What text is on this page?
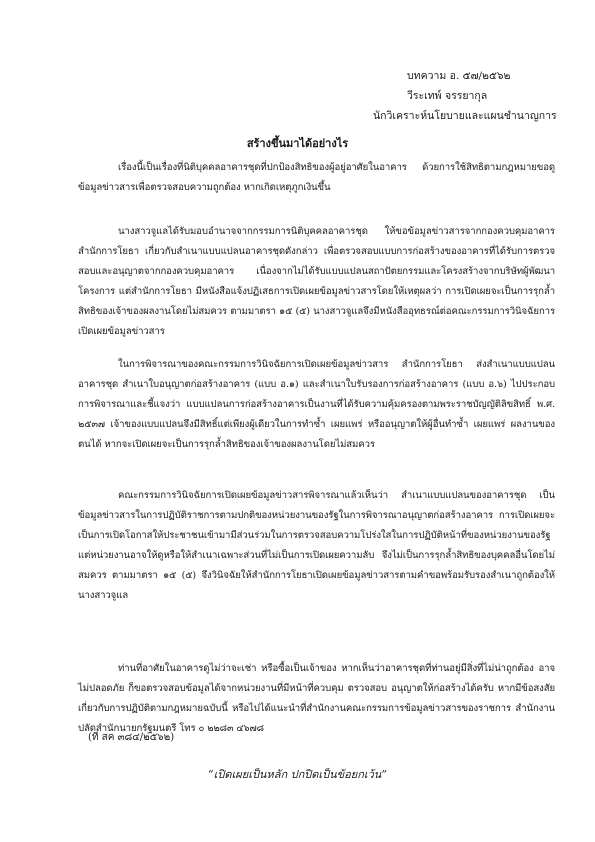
บทความ อ. ๕๗/๒๕๖๒
วีระเทพ์ จรรยากุล
นักวิเคราะห์นโยบายและแผนชำนาญการ
สร้างขึ้นมาได้อย่างไร
เรื่องนี้เป็นเรื่องที่นิติบุคคลอาคารชุดที่ปกป้องสิทธิของผู้อยู่อาศัยในอาคาร ด้วยการใช้สิทธิตามกฎหมายขอดูข้อมูลข่าวสารเพื่อตรวจสอบความถูกต้อง หากเกิดเหตุภูกเงินขึ้น
นางสาวจูแลได้รับมอบอำนาจจากกรรมการนิติบุคคลอาคารชุด ให้ขอข้อมูลข่าวสารจากกองควบคุมอาคาร สำนักการโยธา เกี่ยวกับสำเนาแบบแปลนอาคารชุดดังกล่าว เพื่อตรวจสอบแบบการก่อสร้างของอาคารที่ได้รับการตรวจสอบและอนุญาตจากกองควบคุมอาคาร เนื่องจากไม่ได้รับแบบแปลนสถาปัตยกรรมและโครงสร้างจากบริษัทผู้พัฒนาโครงการ แต่สำนักการโยธา มีหนังสือแจ้งปฏิเสธการเปิดเผยข้อมูลข่าวสารโดยให้เหตุผลว่า การเปิดเผยจะเป็นการรุกล้ำสิทธิของเจ้าของผลงานโดยไม่สมควร ตามมาตรา ๑๕ (๕) นางสาวจูแลจึงมีหนังสืออุทธรณ์ต่อคณะกรรมการวินิจฉัยการเปิดเผยข้อมูลข่าวสาร
ในการพิจารณาของคณะกรรมการวินิจฉัยการเปิดเผยข้อมูลข่าวสาร สำนักการโยธา ส่งสำเนาแบบแปลนอาคารชุด สำเนาใบอนุญาตก่อสร้างอาคาร (แบบ อ.๑) และสำเนาใบรับรองการก่อสร้างอาคาร (แบบ อ.๖) ไปประกอบการพิจารณาและชี้แจงว่า แบบแปลนการก่อสร้างอาคารเป็นงานที่ได้รับความคุ้มครองตามพระราชบัญญัติลิขสิทธิ์ พ.ศ. ๒๕๓๗ เจ้าของแบบแปลนจึงมีสิทธิ์แต่เพียงผู้เดียวในการทำซ้ำ เผยแพร่ หรืออนุญาตให้ผู้อื่นทำซ้ำ เผยแพร่ ผลงานของตนได้ หากจะเปิดเผยจะเป็นการรุกล้ำสิทธิของเจ้าของผลงานโดยไม่สมควร
คณะกรรมการวินิจฉัยการเปิดเผยข้อมูลข่าวสารพิจารณาแล้วเห็นว่า สำเนาแบบแปลนของอาคารชุด เป็นข้อมูลข่าวสารในการปฏิบัติราชการตามปกติของหน่วยงานของรัฐในการพิจารณาอนุญาตก่อสร้างอาคาร การเปิดเผยจะเป็นการเปิดโอกาสให้ประชาชนเข้ามามีส่วนร่วมในการตรวจสอบความโปร่งใสในการปฏิบัติหน้าที่ของหน่วยงานของรัฐ แต่หน่วยงานอาจให้ดูหรือให้สำเนาเฉพาะส่วนที่ไม่เป็นการเปิดเผยความลับ จึงไม่เป็นการรุกล้ำสิทธิของบุคคลอื่นโดยไม่สมควร ตามมาตรา ๑๕ (๕) จึงวินิจฉัยให้สำนักการโยธาเปิดเผยข้อมูลข่าวสารตามคำขอพร้อมรับรองสำเนาถูกต้องให้นางสาวจูแล
ท่านที่อาศัยในอาคารดูไม่ว่าจะเช่า หรือซื้อเป็นเจ้าของ หากเห็นว่าอาคารชุดที่ท่านอยู่มีสิ่งที่ไม่น่าถูกต้อง อาจไม่ปลอดภัย ก็ขอตรวจสอบข้อมูลได้จากหน่วยงานที่มีหน้าที่ควบคุม ตรวจสอบ อนุญาตให้ก่อสร้างได้ครับ หากมีข้อสงสัยเกี่ยวกับการปฏิบัติตามกฎหมายฉบับนี้ หรือไปได้แนะนำที่สำนักงานคณะกรรมการข้อมูลข่าวสารของราชการ สำนักงานปลัดสำนักนายกรัฐมนตรี โทร ๐ ๒๒๘๓ ๔๖๗๘
(ที่ สค ๓๘๔/๒๕๖๒)
“เปิดเผยเป็นหลัก ปกปิดเป็นข้อยกเว้น”
